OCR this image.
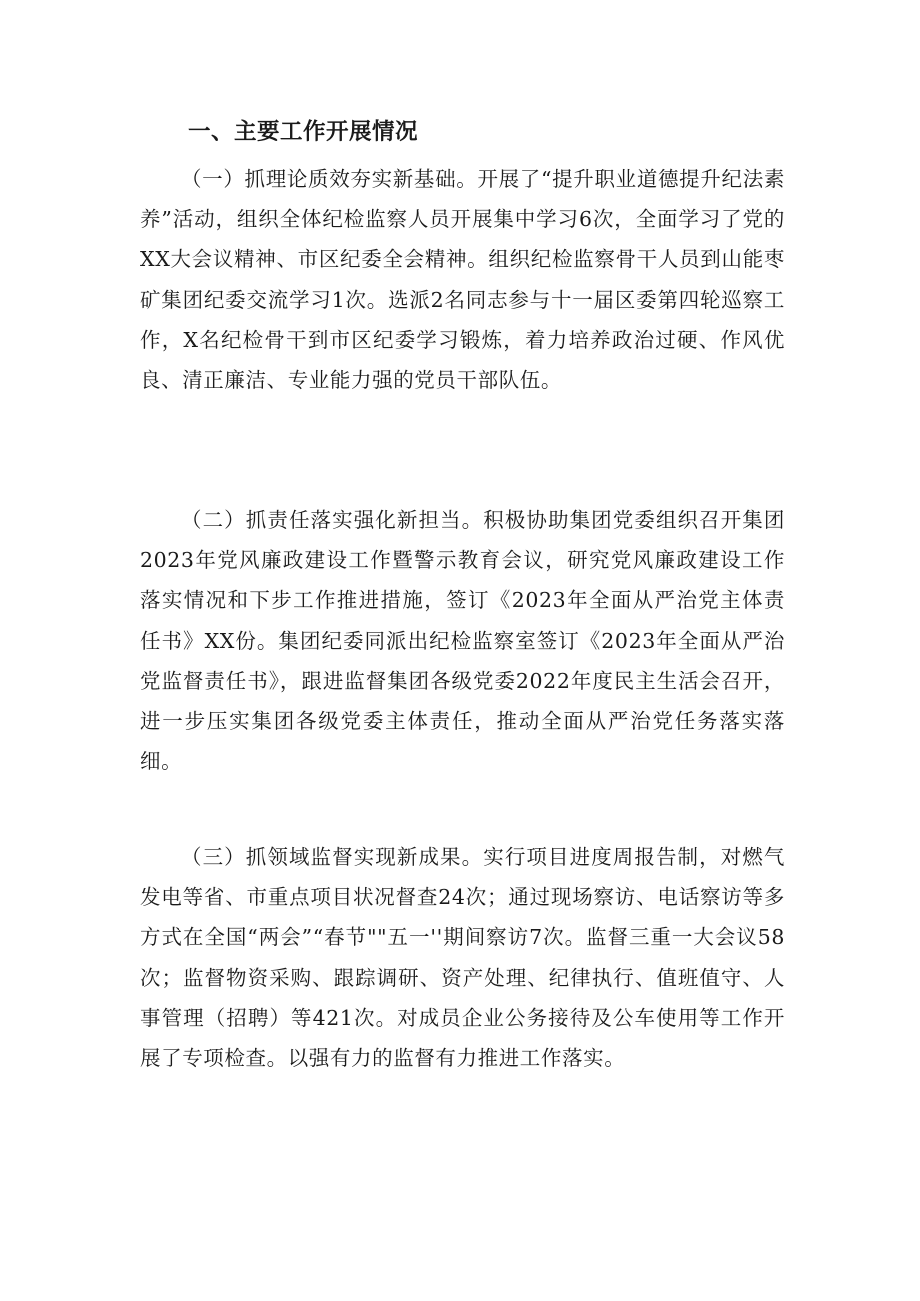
一、主要工作开展情况

（一）抓理论质效夯实新基础。开展了“提升职业道德提升纪法素养”活动，组织全体纪检监察人员开展集中学习6次，全面学习了党的XX大会议精神、市区纪委全会精神。组织纪检监察骨干人员到山能枣矿集团纪委交流学习1次。选派2名同志参与十一届区委第四轮巡察工作，X名纪检骨干到市区纪委学习锻炼，着力培养政治过硬、作风优良、清正廉洁、专业能力强的党员干部队伍。

（二）抓责任落实强化新担当。积极协助集团党委组织召开集团2023年党风廉政建设工作暨警示教育会议，研究党风廉政建设工作落实情况和下步工作推进措施，签订《2023年全面从严治党主体责任书》XX份。集团纪委同派出纪检监察室签订《2023年全面从严治党监督责任书》，跟进监督集团各级党委2022年度民主生活会召开，进一步压实集团各级党委主体责任，推动全面从严治党任务落实落细。

（三）抓领域监督实现新成果。实行项目进度周报告制，对燃气发电等省、市重点项目状况督查24次；通过现场察访、电话察访等多方式在全国“两会”“春节""五一''期间察访7次。监督三重一大会议58次；监督物资采购、跟踪调研、资产处理、纪律执行、值班值守、人事管理（招聘）等421次。对成员企业公务接待及公车使用等工作开展了专项检查。以强有力的监督有力推进工作落实。
